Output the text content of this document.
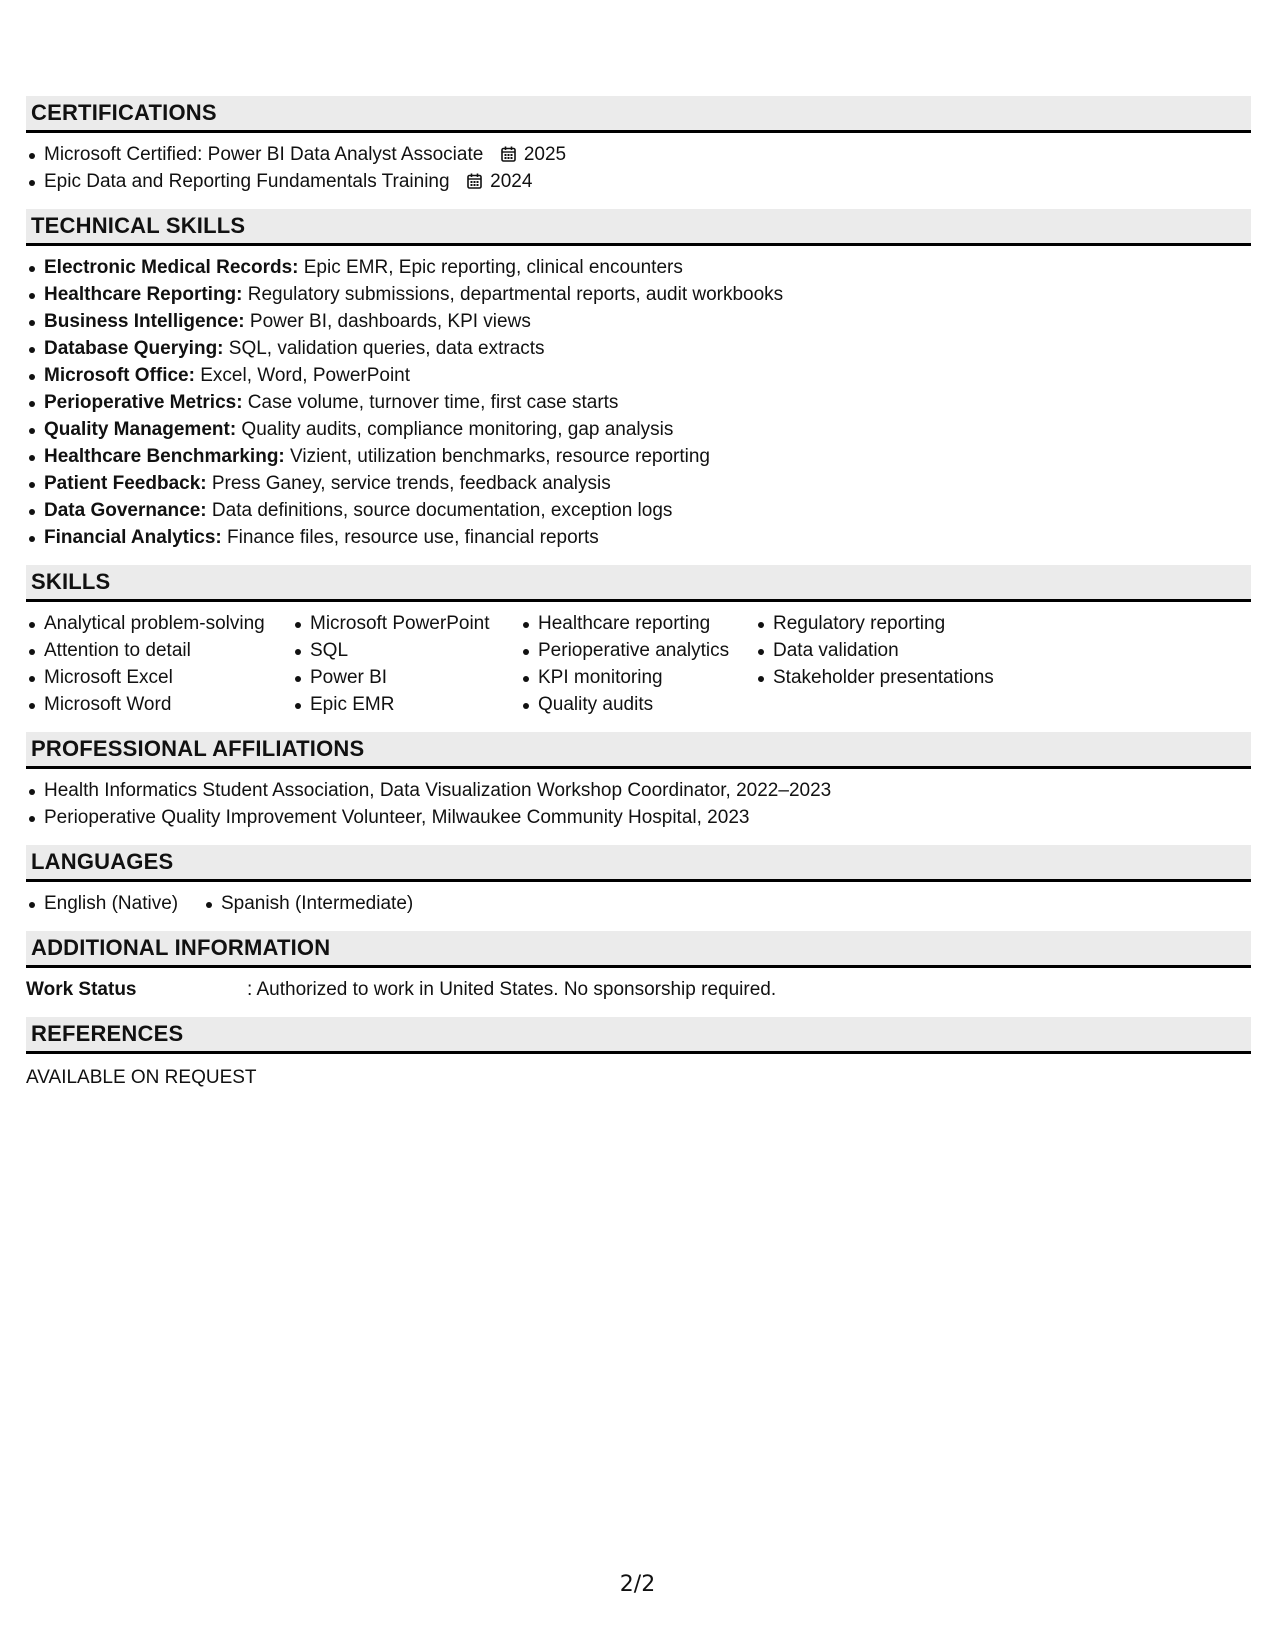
CERTIFICATIONS
Microsoft Certified: Power BI Data Analyst Associate 2025
Epic Data and Reporting Fundamentals Training 2024
TECHNICAL SKILLS
Electronic Medical Records: Epic EMR, Epic reporting, clinical encounters
Healthcare Reporting: Regulatory submissions, departmental reports, audit workbooks
Business Intelligence: Power BI, dashboards, KPI views
Database Querying: SQL, validation queries, data extracts
Microsoft Office: Excel, Word, PowerPoint
Perioperative Metrics: Case volume, turnover time, first case starts
Quality Management: Quality audits, compliance monitoring, gap analysis
Healthcare Benchmarking: Vizient, utilization benchmarks, resource reporting
Patient Feedback: Press Ganey, service trends, feedback analysis
Data Governance: Data definitions, source documentation, exception logs
Financial Analytics: Finance files, resource use, financial reports
SKILLS
Analytical problem-solving
Attention to detail
Microsoft Excel
Microsoft Word
Microsoft PowerPoint
SQL
Power BI
Epic EMR
Healthcare reporting
Perioperative analytics
KPI monitoring
Quality audits
Regulatory reporting
Data validation
Stakeholder presentations
PROFESSIONAL AFFILIATIONS
Health Informatics Student Association, Data Visualization Workshop Coordinator, 2022–2023
Perioperative Quality Improvement Volunteer, Milwaukee Community Hospital, 2023
LANGUAGES
English (Native)	Spanish (Intermediate)
ADDITIONAL INFORMATION
Work Status	: Authorized to work in United States. No sponsorship required.
REFERENCES
AVAILABLE ON REQUEST
2/2
